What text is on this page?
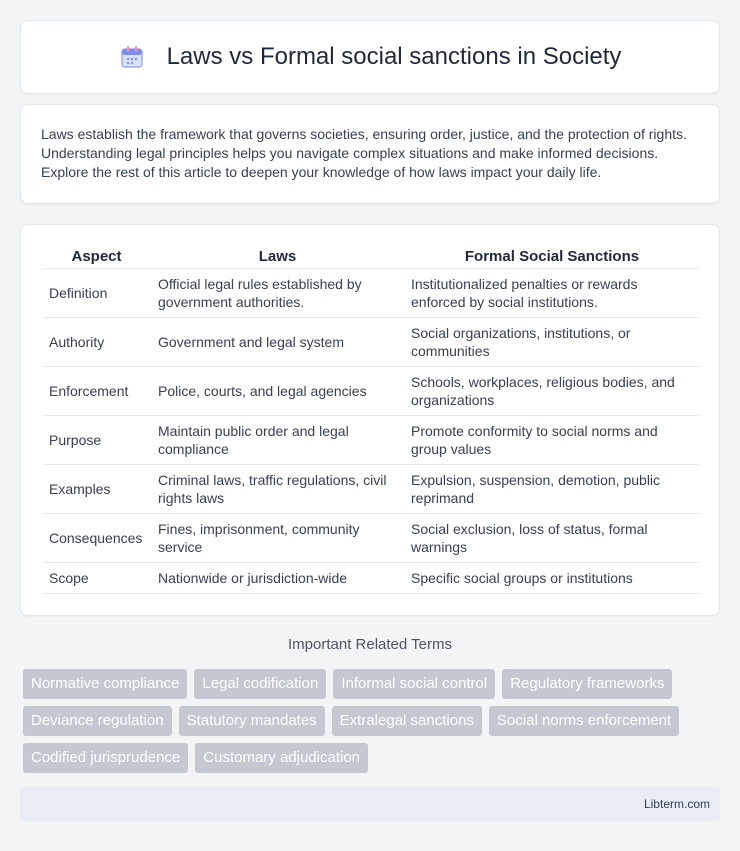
Laws vs Formal social sanctions in Society

Laws establish the framework that governs societies, ensuring order, justice, and the protection of rights. Understanding legal principles helps you navigate complex situations and make informed decisions. Explore the rest of this article to deepen your knowledge of how laws impact your daily life.

Aspect	Laws	Formal Social Sanctions
Definition	Official legal rules established by government authorities.	Institutionalized penalties or rewards enforced by social institutions.
Authority	Government and legal system	Social organizations, institutions, or communities
Enforcement	Police, courts, and legal agencies	Schools, workplaces, religious bodies, and organizations
Purpose	Maintain public order and legal compliance	Promote conformity to social norms and group values
Examples	Criminal laws, traffic regulations, civil rights laws	Expulsion, suspension, demotion, public reprimand
Consequences	Fines, imprisonment, community service	Social exclusion, loss of status, formal warnings
Scope	Nationwide or jurisdiction-wide	Specific social groups or institutions
Important Related Terms
Normative compliance	Legal codification	Informal social control	Regulatory frameworks
Deviance regulation	Statutory mandates	Extralegal sanctions	Social norms enforcement
Codified jurisprudence	Customary adjudication
Libterm.com
